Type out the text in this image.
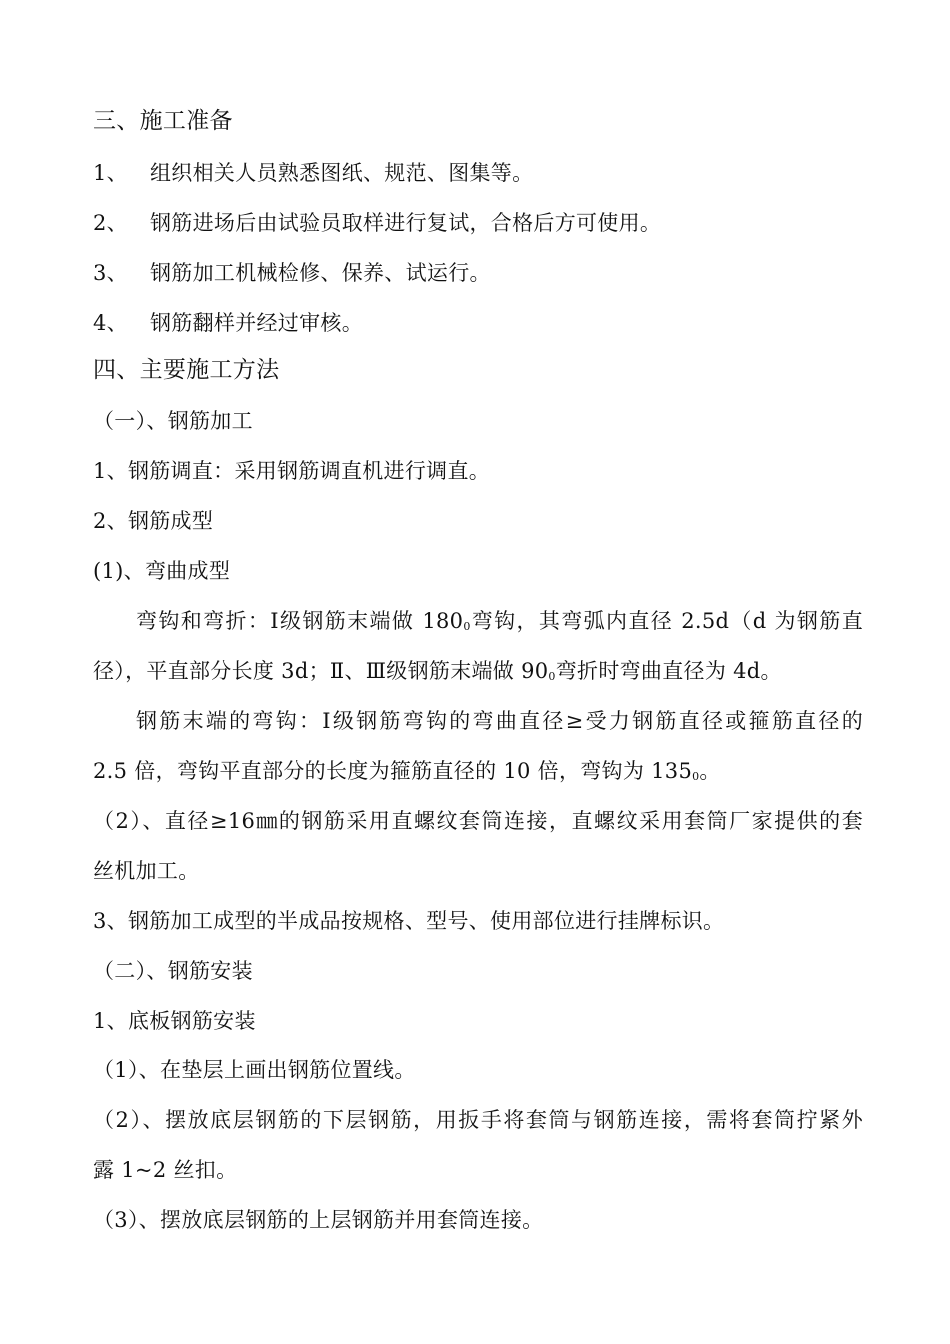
三、施工准备
1、 组织相关人员熟悉图纸、规范、图集等。
2、 钢筋进场后由试验员取样进行复试，合格后方可使用。
3、 钢筋加工机械检修、保养、试运行。
4、 钢筋翻样并经过审核。
四、主要施工方法
（一）、钢筋加工
1、钢筋调直：采用钢筋调直机进行调直。
2、钢筋成型
(1)、弯曲成型
弯钩和弯折：Ⅰ级钢筋末端做 1800弯钩，其弯弧内直径 2.5d（d 为钢筋直
径），平直部分长度 3d；Ⅱ、Ⅲ级钢筋末端做 900弯折时弯曲直径为 4d。
钢筋末端的弯钩：Ⅰ级钢筋弯钩的弯曲直径≥受力钢筋直径或箍筋直径的
2.5 倍，弯钩平直部分的长度为箍筋直径的 10 倍，弯钩为 1350。
（2）、直径≥16㎜的钢筋采用直螺纹套筒连接，直螺纹采用套筒厂家提供的套
丝机加工。
3、钢筋加工成型的半成品按规格、型号、使用部位进行挂牌标识。
（二）、钢筋安装
1、底板钢筋安装
（1）、在垫层上画出钢筋位置线。
（2）、摆放底层钢筋的下层钢筋，用扳手将套筒与钢筋连接，需将套筒拧紧外
露 1~2 丝扣。
（3）、摆放底层钢筋的上层钢筋并用套筒连接。
